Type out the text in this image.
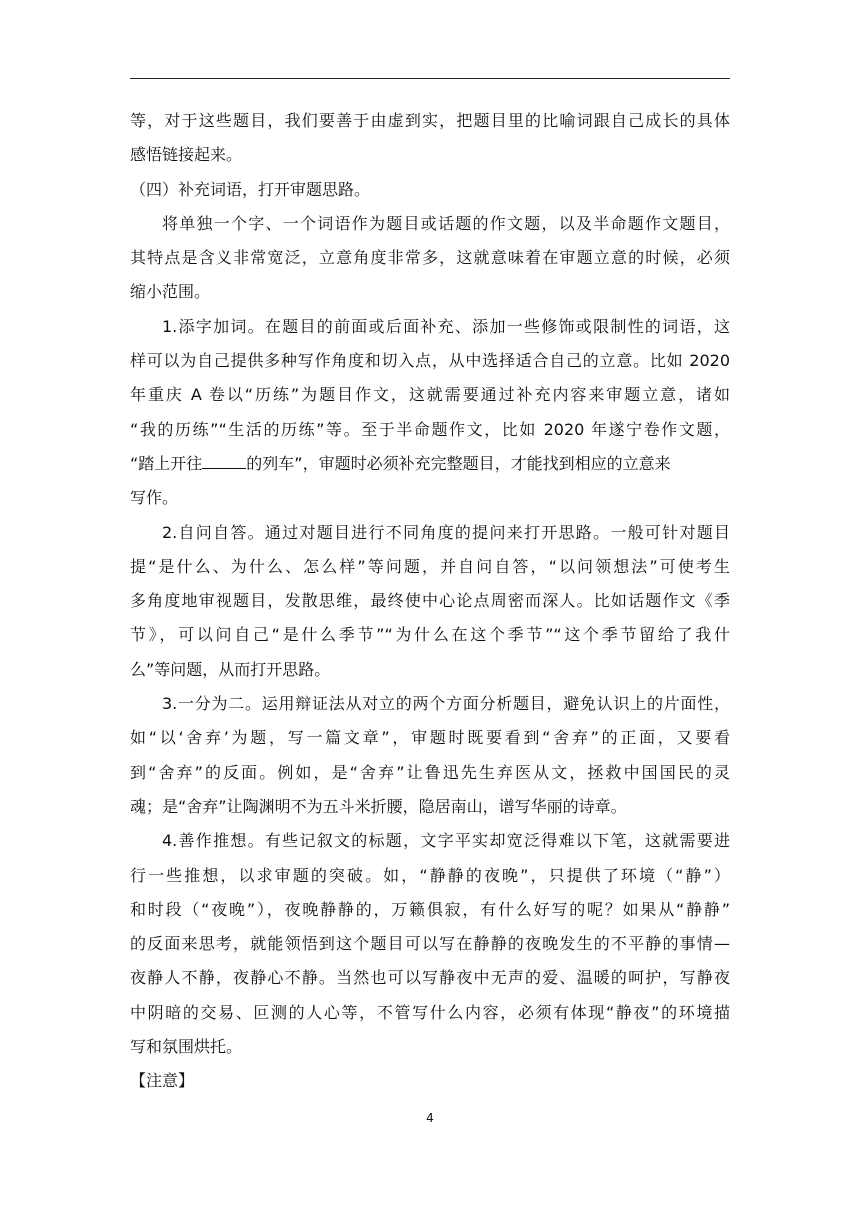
等，对于这些题目，我们要善于由虚到实，把题目里的比喻词跟自己成长的具体
感悟链接起来。
（四）补充词语，打开审题思路。
将单独一个字、一个词语作为题目或话题的作文题，以及半命题作文题目，
其特点是含义非常宽泛，立意角度非常多，这就意味着在审题立意的时候，必须
缩小范围。
1.添字加词。在题目的前面或后面补充、添加一些修饰或限制性的词语，这
样可以为自己提供多种写作角度和切入点，从中选择适合自己的立意。比如 2020
年重庆 A 卷以“历练”为题目作文，这就需要通过补充内容来审题立意，诸如
“我的历练”“生活的历练”等。至于半命题作文，比如 2020 年遂宁卷作文题，
“踏上开往	的列车”，审题时必须补充完整题目，才能找到相应的立意来
写作。
2.自问自答。通过对题目进行不同角度的提问来打开思路。一般可针对题目
提“是什么、为什么、怎么样”等问题，并自问自答，“以问领想法”可使考生
多角度地审视题目，发散思维，最终使中心论点周密而深人。比如话题作文《季
节》，可以问自己“是什么季节”“为什么在这个季节”“这个季节留给了我什
么”等问题，从而打开思路。
3.一分为二。运用辩证法从对立的两个方面分析题目，避免认识上的片面性，
如“以‘舍弃’为题，写一篇文章”，审题时既要看到“舍弃”的正面，又要看
到“舍弃”的反面。例如，是“舍弃”让鲁迅先生弃医从文，拯救中国国民的灵
魂；是“舍弃”让陶渊明不为五斗米折腰，隐居南山，谱写华丽的诗章。
4.善作推想。有些记叙文的标题，文字平实却宽泛得难以下笔，这就需要进
行一些推想，以求审题的突破。如，“静静的夜晚”，只提供了环境（“静”）
和时段（“夜晚”），夜晚静静的，万籁俱寂，有什么好写的呢？如果从“静静”
的反面来思考，就能领悟到这个题目可以写在静静的夜晚发生的不平静的事情—
夜静人不静，夜静心不静。当然也可以写静夜中无声的爱、温暖的呵护，写静夜
中阴暗的交易、叵测的人心等，不管写什么内容，必须有体现“静夜”的环境描
写和氛围烘托。
【注意】
4
